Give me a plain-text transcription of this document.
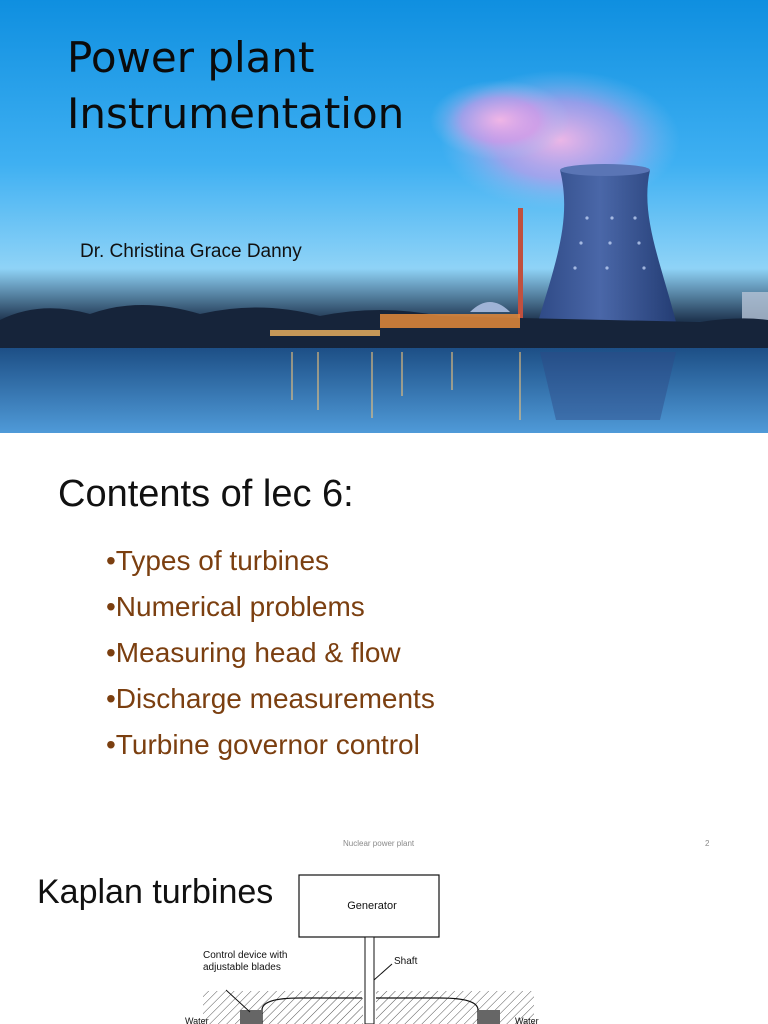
Power plant
Instrumentation
Dr. Christina Grace Danny
Contents of lec 6:
•Types of turbines
•Numerical problems
•Measuring head & flow
•Discharge measurements
•Turbine governor control
Nuclear power plant	2
Generator
Control device with
adjustable blades
Shaft
Water	Water
Kaplan turbines
